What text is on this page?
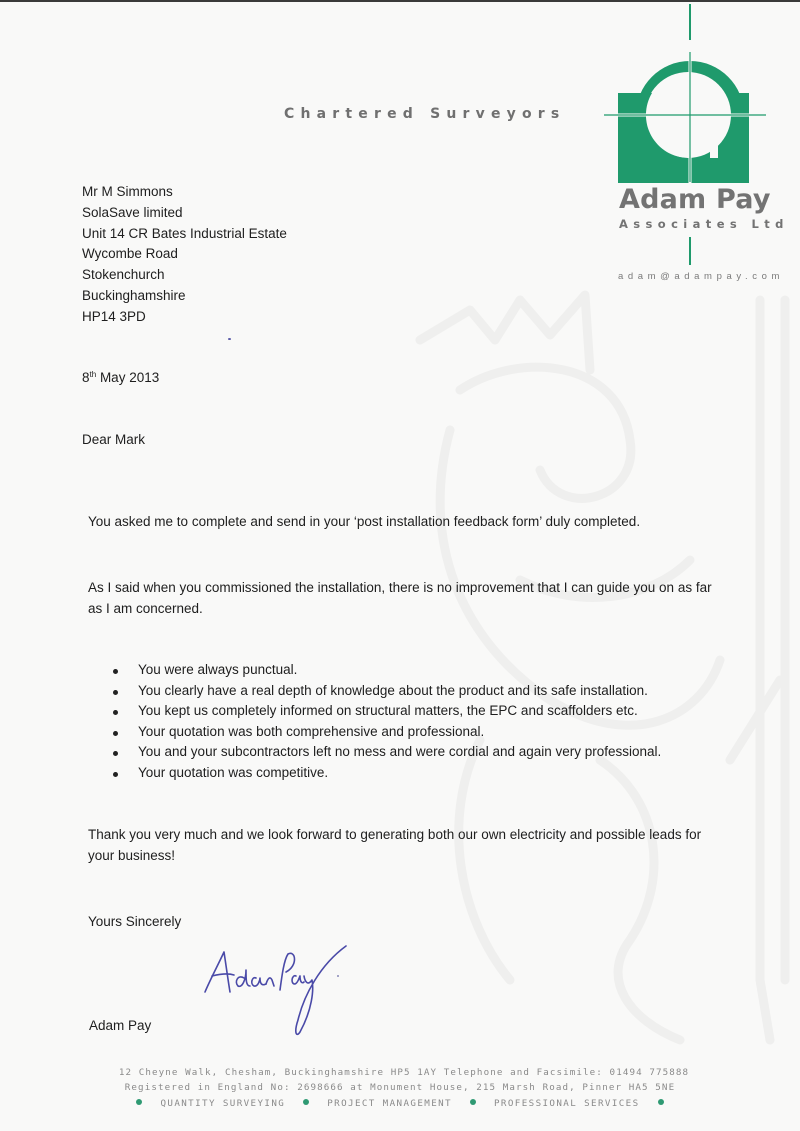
Chartered Surveyors
Adam Pay
Associates Ltd
adam@adampay.com
Mr M Simmons
SolaSave limited
Unit 14 CR Bates Industrial Estate
Wycombe Road
Stokenchurch
Buckinghamshire
HP14 3PD
8th May 2013
Dear Mark
You asked me to complete and send in your ‘post installation feedback form’ duly completed.
As I said when you commissioned the installation, there is no improvement that I can guide you on as far as I am concerned.
You were always punctual.
You clearly have a real depth of knowledge about the product and its safe installation.
You kept us completely informed on structural matters, the EPC and scaffolders etc.
Your quotation was both comprehensive and professional.
You and your subcontractors left no mess and were cordial and again very professional.
Your quotation was competitive.
Thank you very much and we look forward to generating both our own electricity and possible leads for your business!
Yours Sincerely
Adam Pay
12 Cheyne Walk, Chesham, Buckinghamshire HP5 1AY Telephone and Facsimile: 01494 775888
Registered in England No: 2698666 at Monument House, 215 Marsh Road, Pinner HA5 5NE
QUANTITY SURVEYING	PROJECT MANAGEMENT	PROFESSIONAL SERVICES
